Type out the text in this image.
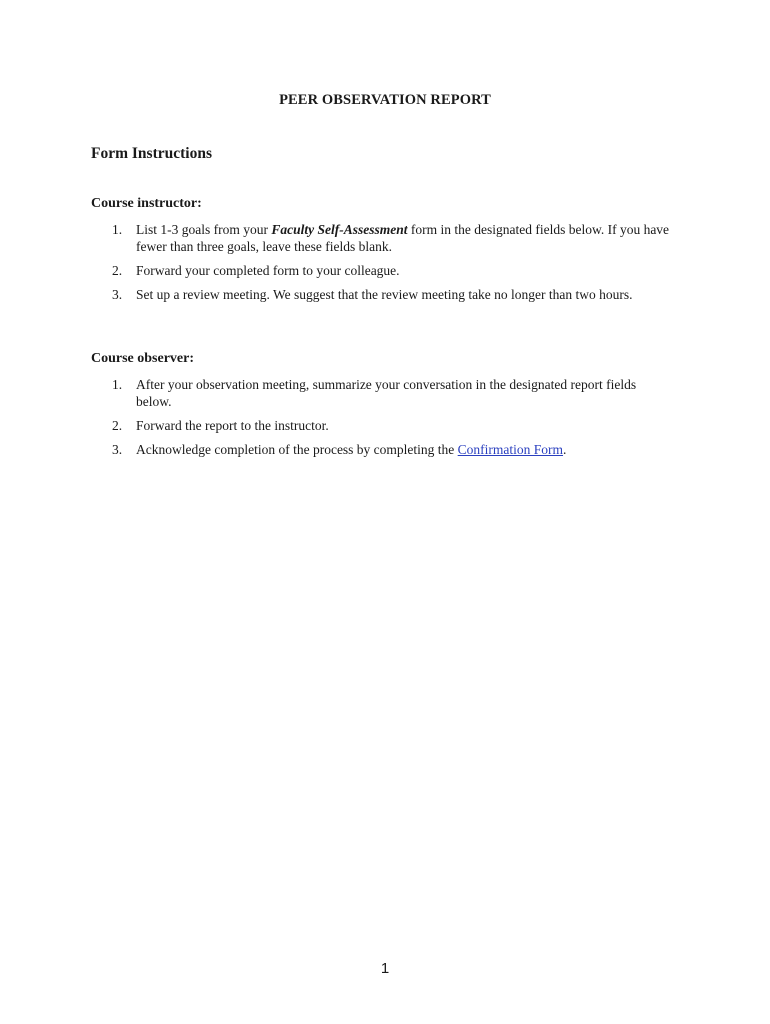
PEER OBSERVATION REPORT
Form Instructions
Course instructor:
1. List 1-3 goals from your Faculty Self-Assessment form in the designated fields below. If you have fewer than three goals, leave these fields blank.
2. Forward your completed form to your colleague.
3. Set up a review meeting. We suggest that the review meeting take no longer than two hours.
Course observer:
1. After your observation meeting, summarize your conversation in the designated report fields below.
2. Forward the report to the instructor.
3. Acknowledge completion of the process by completing the Confirmation Form.
1
